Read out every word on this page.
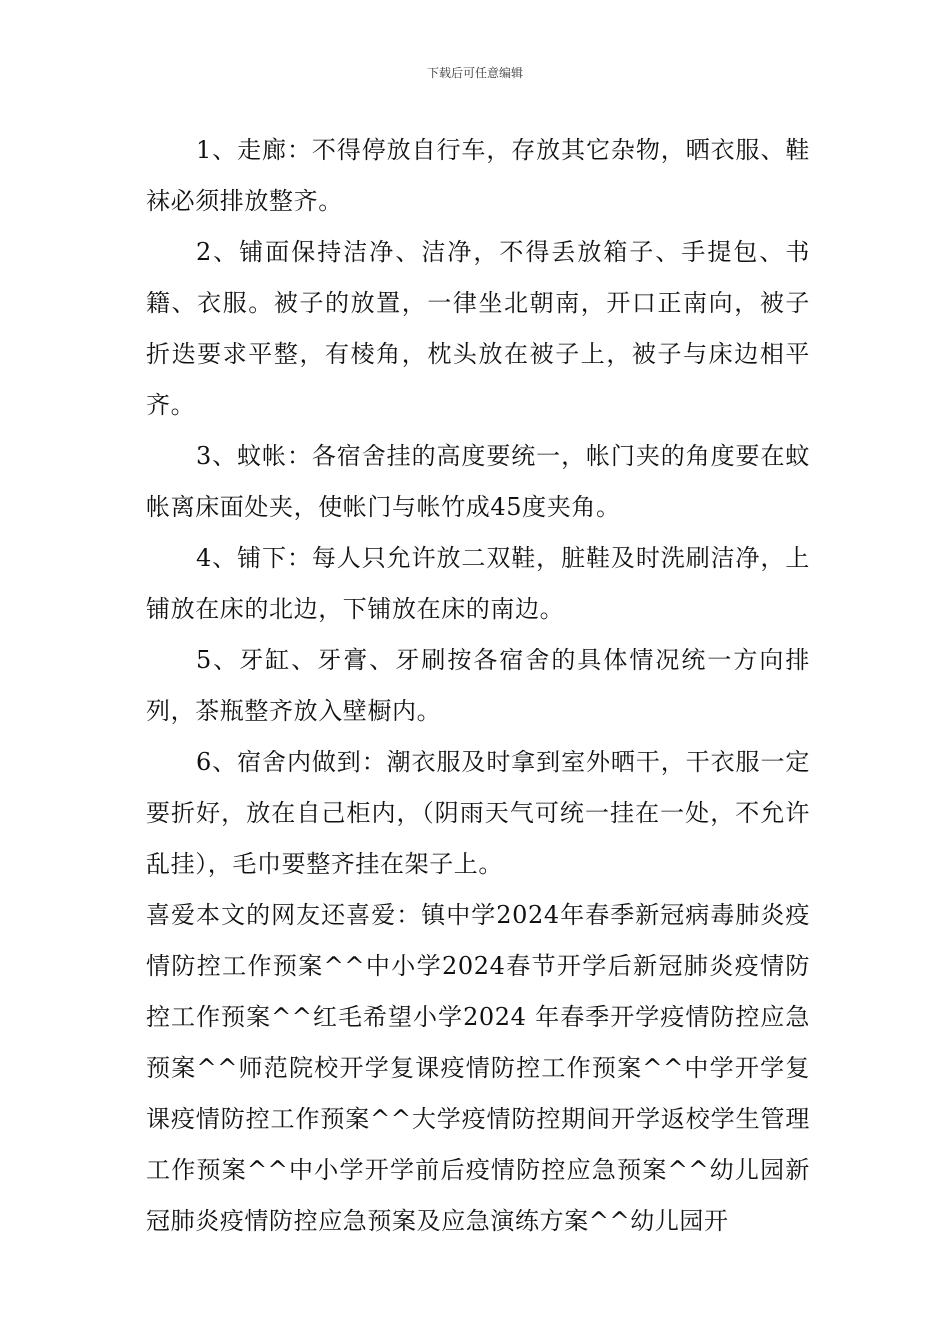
下载后可任意编辑

1、走廊：不得停放自行车，存放其它杂物，晒衣服、鞋袜必须排放整齐。

2、铺面保持洁净、洁净，不得丢放箱子、手提包、书籍、衣服。被子的放置，一律坐北朝南，开口正南向，被子折迭要求平整，有棱角，枕头放在被子上，被子与床边相平齐。

3、蚊帐：各宿舍挂的高度要统一，帐门夹的角度要在蚊帐离床面处夹，使帐门与帐竹成45度夹角。

4、铺下：每人只允许放二双鞋，脏鞋及时洗刷洁净，上铺放在床的北边，下铺放在床的南边。

5、牙缸、牙膏、牙刷按各宿舍的具体情况统一方向排列，茶瓶整齐放入壁橱内。

6、宿舍内做到：潮衣服及时拿到室外晒干，干衣服一定要折好，放在自己柜内，（阴雨天气可统一挂在一处，不允许乱挂），毛巾要整齐挂在架子上。

喜爱本文的网友还喜爱：镇中学2024年春季新冠病毒肺炎疫情防控工作预案^^中小学2024春节开学后新冠肺炎疫情防控工作预案^^红毛希望小学2024 年春季开学疫情防控应急预案^^师范院校开学复课疫情防控工作预案^^中学开学复课疫情防控工作预案^^大学疫情防控期间开学返校学生管理工作预案^^中小学开学前后疫情防控应急预案^^幼儿园新冠肺炎疫情防控应急预案及应急演练方案^^幼儿园开
